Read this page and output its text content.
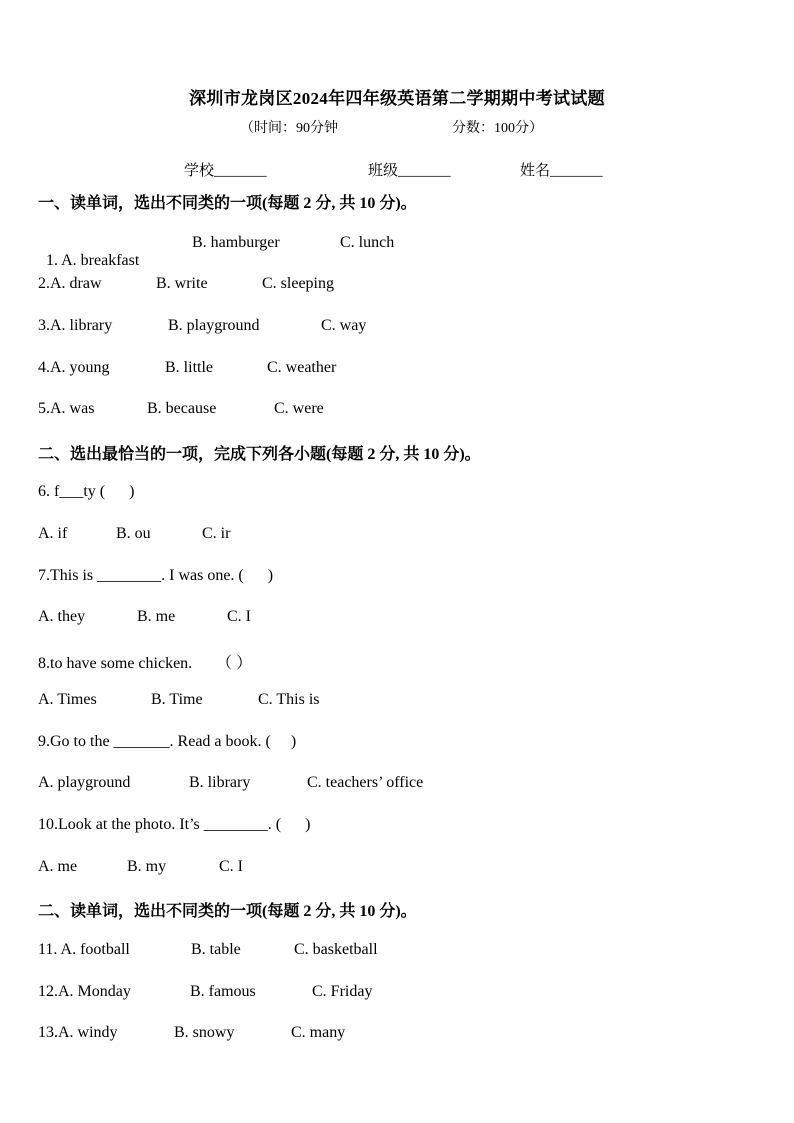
深圳市龙岗区2024年四年级英语第二学期期中考试试题
（时间：90分钟	分数：100分）
学校_______	班级_______	姓名_______
一、读单词，选出不同类的一项(每题 2 分, 共 10 分)。

1. A. breakfast

B. hamburger	C. lunch
2.A. draw	B. write	C. sleeping
3.A. library	B. playground	C. way
4.A. young	B. little	C. weather
5.A. was	B. because	C. were
二、选出最恰当的一项，完成下列各小题(每题 2 分, 共 10 分)。
6. f___ty (      )
A. if	B. ou	C. ir
7.This is ________. I was one. (      )
A. they	B. me	C. I
8.to have some chicken.      （ ）
A. Times	B. Time	C. This is
9.Go to the _______. Read a book. (     )
A. playground	B. library	C. teachers’ office
10.Look at the photo. It’s ________. (      )
A. me	B. my	C. I
二、读单词，选出不同类的一项(每题 2 分, 共 10 分)。
11. A. football	B. table	C. basketball
12.A. Monday	B. famous	C. Friday
13.A. windy	B. snowy	C. many
